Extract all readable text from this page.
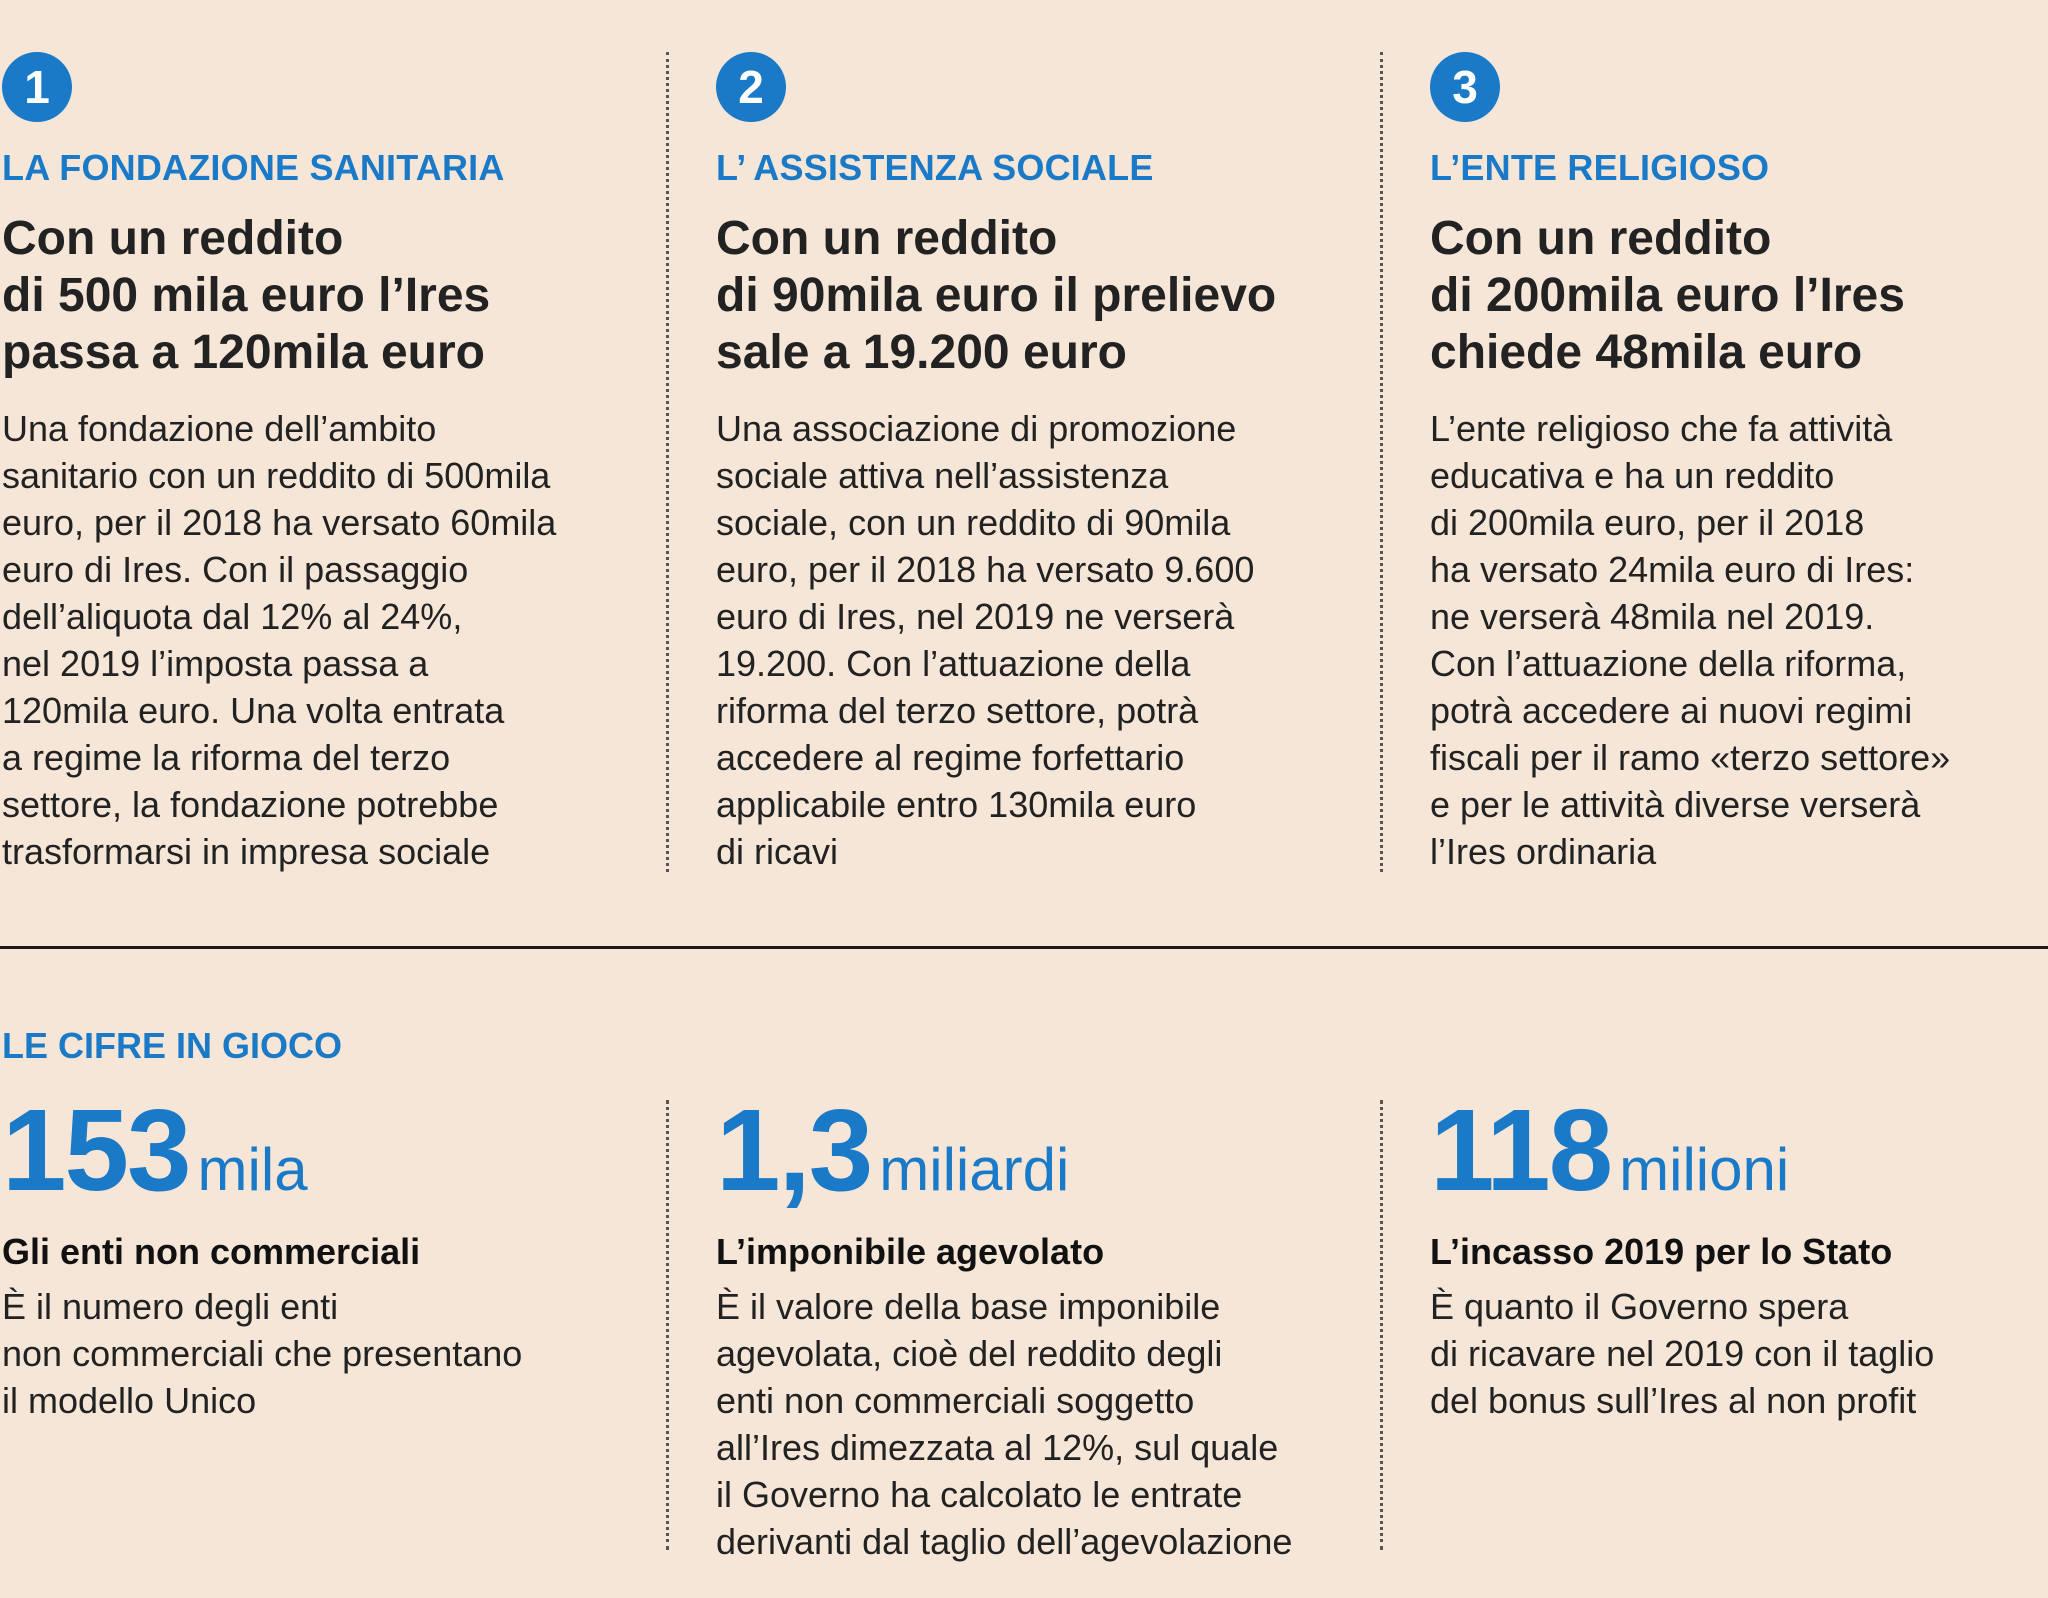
1
LA FONDAZIONE SANITARIA
Con un reddito
di 500 mila euro l’Ires
passa a 120mila euro
Una fondazione dell’ambito
sanitario con un reddito di 500mila
euro, per il 2018 ha versato 60mila
euro di Ires. Con il passaggio
dell’aliquota dal 12% al 24%,
nel 2019 l’imposta passa a
120mila euro. Una volta entrata
a regime la riforma del terzo
settore, la fondazione potrebbe
trasformarsi in impresa sociale
2
L’ ASSISTENZA SOCIALE
Con un reddito
di 90mila euro il prelievo
sale a 19.200 euro
Una associazione di promozione
sociale attiva nell’assistenza
sociale, con un reddito di 90mila
euro, per il 2018 ha versato 9.600
euro di Ires, nel 2019 ne verserà
19.200. Con l’attuazione della
riforma del terzo settore, potrà
accedere al regime forfettario
applicabile entro 130mila euro
di ricavi
3
L’ENTE RELIGIOSO
Con un reddito
di 200mila euro l’Ires
chiede 48mila euro
L’ente religioso che fa attività
educativa e ha un reddito
di 200mila euro, per il 2018
ha versato 24mila euro di Ires:
ne verserà 48mila nel 2019.
Con l’attuazione della riforma,
potrà accedere ai nuovi regimi
fiscali per il ramo «terzo settore»
e per le attività diverse verserà
l’Ires ordinaria
LE CIFRE IN GIOCO
153 mila
Gli enti non commerciali
È il numero degli enti
non commerciali che presentano
il modello Unico
1,3 miliardi
L’imponibile agevolato
È il valore della base imponibile
agevolata, cioè del reddito degli
enti non commerciali soggetto
all’Ires dimezzata al 12%, sul quale
il Governo ha calcolato le entrate
derivanti dal taglio dell’agevolazione
118 milioni
L’incasso 2019 per lo Stato
È quanto il Governo spera
di ricavare nel 2019 con il taglio
del bonus sull’Ires al non profit
